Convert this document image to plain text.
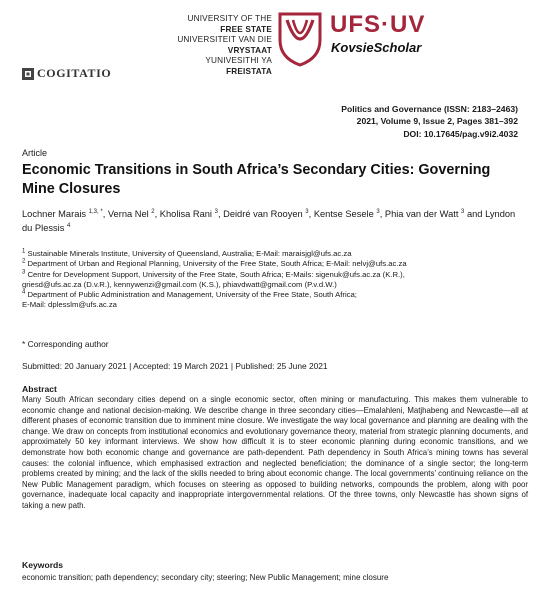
UNIVERSITY OF THE
FREE STATE
UNIVERSITEIT VAN DIE
VRYSTAAT
YUNIVESITHI YA
FREISTATA
UFS·UV
KovsieScholar
COGITATIO
Politics and Governance (ISSN: 2183–2463)
2021, Volume 9, Issue 2, Pages 381–392
DOI: 10.17645/pag.v9i2.4032
Article
Economic Transitions in South Africa’s Secondary Cities: Governing Mine Closures
Lochner Marais $^{1,3, *}$, Verna Nel $^2$, Kholisa Rani $^3$, Deidré van Rooyen $^3$, Kentse Sesele $^3$, Phia van der Watt $^3$ and Lyndon du Plessis $^4$
$^1$ Sustainable Minerals Institute, University of Queensland, Australia; E-Mail: maraisjgl@ufs.ac.za
$^2$ Department of Urban and Regional Planning, University of the Free State, South Africa; E-Mail: nelvj@ufs.ac.za
$^3$ Centre for Development Support, University of the Free State, South Africa; E-Mails: sigenuk@ufs.ac.za (K.R.),
griesd@ufs.ac.za (D.v.R.), kennywenzi@gmail.com (K.S.), phiavdwatt@gmail.com (P.v.d.W.)
$^4$ Department of Public Administration and Management, University of the Free State, South Africa;
E-Mail: dplesslm@ufs.ac.za
* Corresponding author
Submitted: 20 January 2021 | Accepted: 19 March 2021 | Published: 25 June 2021
Abstract
Many South African secondary cities depend on a single economic sector, often mining or manufacturing. This makes them vulnerable to economic change and national decision-making. We describe change in three secondary cities—Emalahleni, Matjhabeng and Newcastle—all at different phases of economic transition due to imminent mine closure. We investigate the way local governance and planning are dealing with the change. We draw on concepts from institutional economics and evolutionary governance theory, material from strategic planning documents, and approximately 50 key informant interviews. We show how difficult it is to steer economic planning during economic transitions, and we demonstrate how both economic change and governance are path-dependent. Path dependency in South Africa’s mining towns has several causes: the colonial influence, which emphasised extraction and neglected beneficiation; the dominance of a single sector; the long-term problems created by mining; and the lack of the skills needed to bring about economic change. The local governments’ continuing reliance on the New Public Management paradigm, which focuses on steering as opposed to building networks, compounds the problem, along with poor governance, inadequate local capacity and inappropriate intergovernmental relations. Of the three towns, only Newcastle has shown signs of taking a new path.
Keywords
economic transition; path dependency; secondary city; steering; New Public Management; mine closure
